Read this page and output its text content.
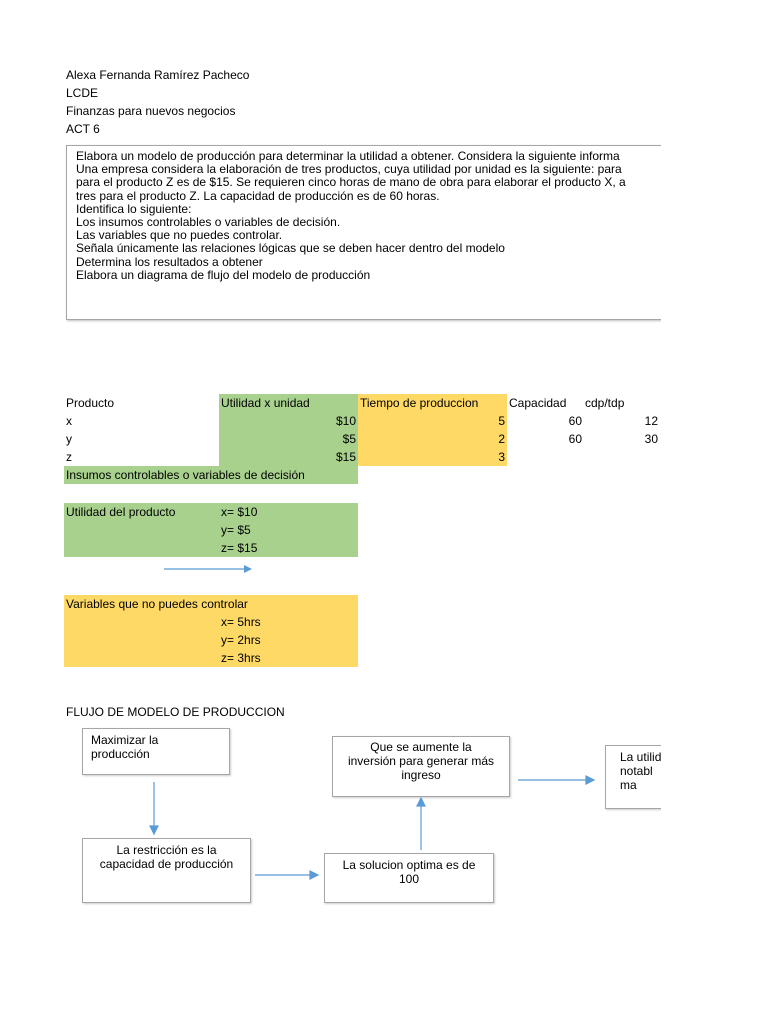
Alexa Fernanda Ramírez Pacheco
LCDE
Finanzas para nuevos negocios
ACT 6
Elabora un modelo de producción para determinar la utilidad a obtener. Considera la siguiente informa
Una empresa considera la elaboración de tres productos, cuya utilidad por unidad es la siguiente: para
para el producto Z es de $15. Se requieren cinco horas de mano de obra para elaborar el producto X, a
tres para el producto Z. La capacidad de producción es de 60 horas.
Identifica lo siguiente:
Los insumos controlables o variables de decisión.
Las variables que no puedes controlar.
Señala únicamente las relaciones lógicas que se deben hacer dentro del modelo
Determina los resultados a obtener
Elabora un diagrama de flujo del modelo de producción
Producto	Utilidad x unidad	Tiempo de produccion	Capacidad cdp/tdp
x	$10	5	60	12
y	$5	2	60	30
z	$15	3
Insumos controlables o variables de decisión
Utilidad del producto	x= $10
y= $5
z= $15
Variables que no puedes controlar
x= 5hrs
y= 2hrs
z= 3hrs
FLUJO DE MODELO DE PRODUCCION
Maximizar la
producción
La restricción es la
capacidad de producción	La solucion optima es de
100
Que se aumente la
inversión para generar más
ingreso
La utilid
notabl
ma
